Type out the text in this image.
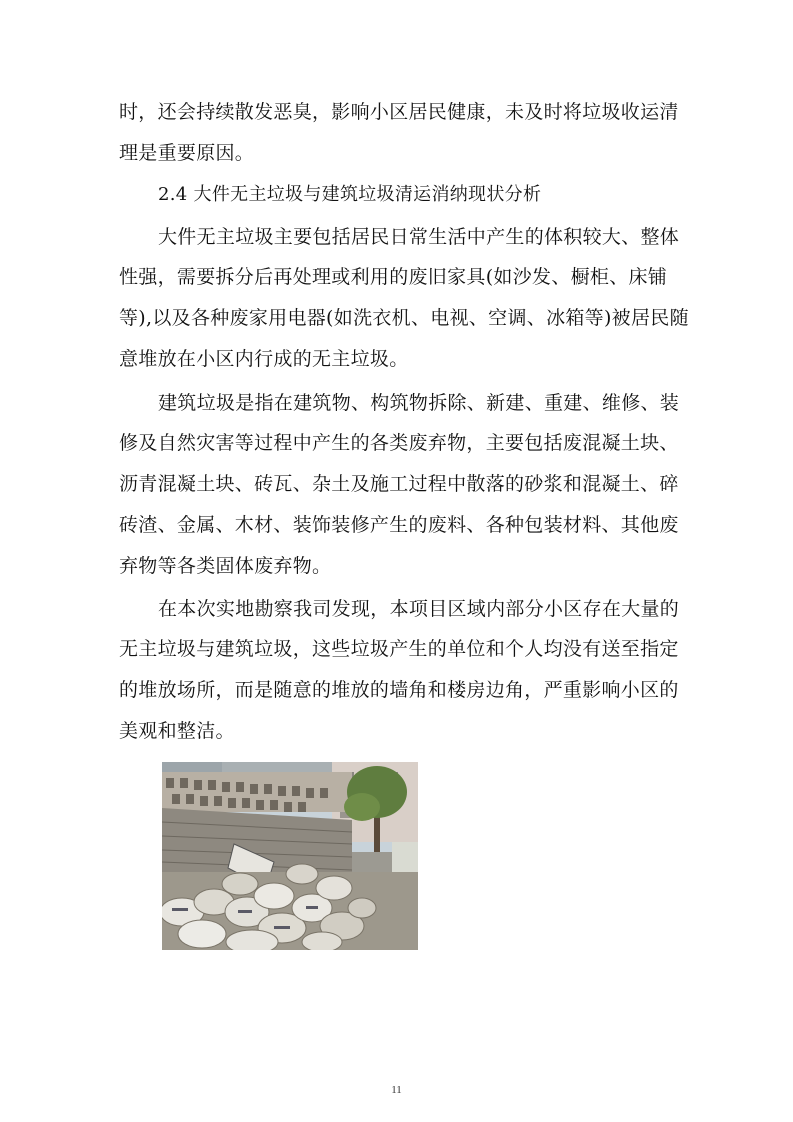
时，还会持续散发恶臭，影响小区居民健康，未及时将垃圾收运清
理是重要原因。
2.4 大件无主垃圾与建筑垃圾清运消纳现状分析
大件无主垃圾主要包括居民日常生活中产生的体积较大、整体
性强，需要拆分后再处理或利用的废旧家具(如沙发、橱柜、床铺
等),以及各种废家用电器(如洗衣机、电视、空调、冰箱等)被居民随
意堆放在小区内行成的无主垃圾。
建筑垃圾是指在建筑物、构筑物拆除、新建、重建、维修、装
修及自然灾害等过程中产生的各类废弃物，主要包括废混凝土块、
沥青混凝土块、砖瓦、杂土及施工过程中散落的砂浆和混凝土、碎
砖渣、金属、木材、装饰装修产生的废料、各种包装材料、其他废
弃物等各类固体废弃物。
在本次实地勘察我司发现，本项目区域内部分小区存在大量的
无主垃圾与建筑垃圾，这些垃圾产生的单位和个人均没有送至指定
的堆放场所，而是随意的堆放的墙角和楼房边角，严重影响小区的
美观和整洁。
11
